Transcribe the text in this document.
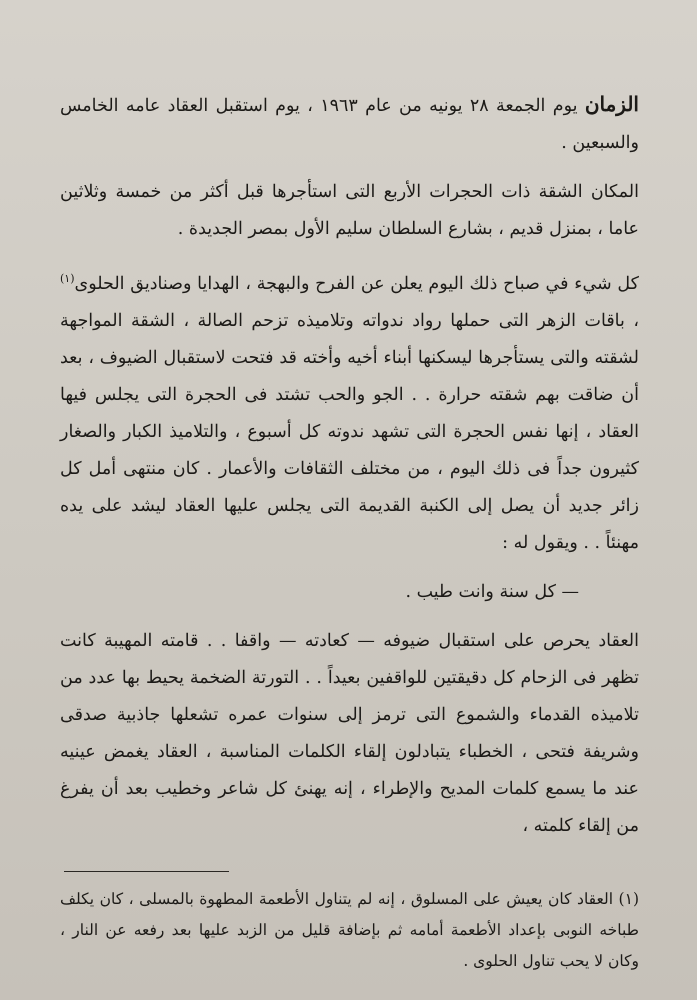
الزمان يوم الجمعة ٢٨ يونيه من عام ١٩٦٣ ، يوم استقبل العقاد عامه الخامس والسبعين .

المكان الشقة ذات الحجرات الأربع التى استأجرها قبل أكثر من خمسة وثلاثين عاما ، بمنزل قديم ، بشارع السلطان سليم الأول بمصر الجديدة .

كل شيء في صباح ذلك اليوم يعلن عن الفرح والبهجة ، الهدايا وصناديق الحلوى$^{(١)}$ ، باقات الزهر التى حملها رواد ندواته وتلاميذه تزحم الصالة ، الشقة المواجهة لشقته والتى يستأجرها ليسكنها أبناء أخيه وأخته قد فتحت لاستقبال الضيوف ، بعد أن ضاقت بهم شقته حرارة . . الجو والحب تشتد فى الحجرة التى يجلس فيها العقاد ، إنها نفس الحجرة التى تشهد ندوته كل أسبوع ، والتلاميذ الكبار والصغار كثيرون جداً فى ذلك اليوم ، من مختلف الثقافات والأعمار . كان منتهى أمل كل زائر جديد أن يصل إلى الكنبة القديمة التى يجلس عليها العقاد ليشد على يده مهنئاً . . ويقول له :

— كل سنة وانت طيب .

العقاد يحرص على استقبال ضيوفه — كعادته — واقفا . . قامته المهيبة كانت تظهر فى الزحام كل دقيقتين للواقفين بعيداً . . التورتة الضخمة يحيط بها عدد من تلاميذه القدماء والشموع التى ترمز إلى سنوات عمره تشعلها جاذبية صدقى وشريفة فتحى ، الخطباء يتبادلون إلقاء الكلمات المناسبة ، العقاد يغمض عينيه عند ما يسمع كلمات المديح والإطراء ، إنه يهنئ كل شاعر وخطيب بعد أن يفرغ من إلقاء كلمته ،

(١) العقاد كان يعيش على المسلوق ، إنه لم يتناول الأطعمة المطهوة بالمسلى ، كان يكلف طباخه النوبى بإعداد الأطعمة أمامه ثم بإضافة قليل من الزبد عليها بعد رفعه عن النار ، وكان لا يحب تناول الحلوى .
